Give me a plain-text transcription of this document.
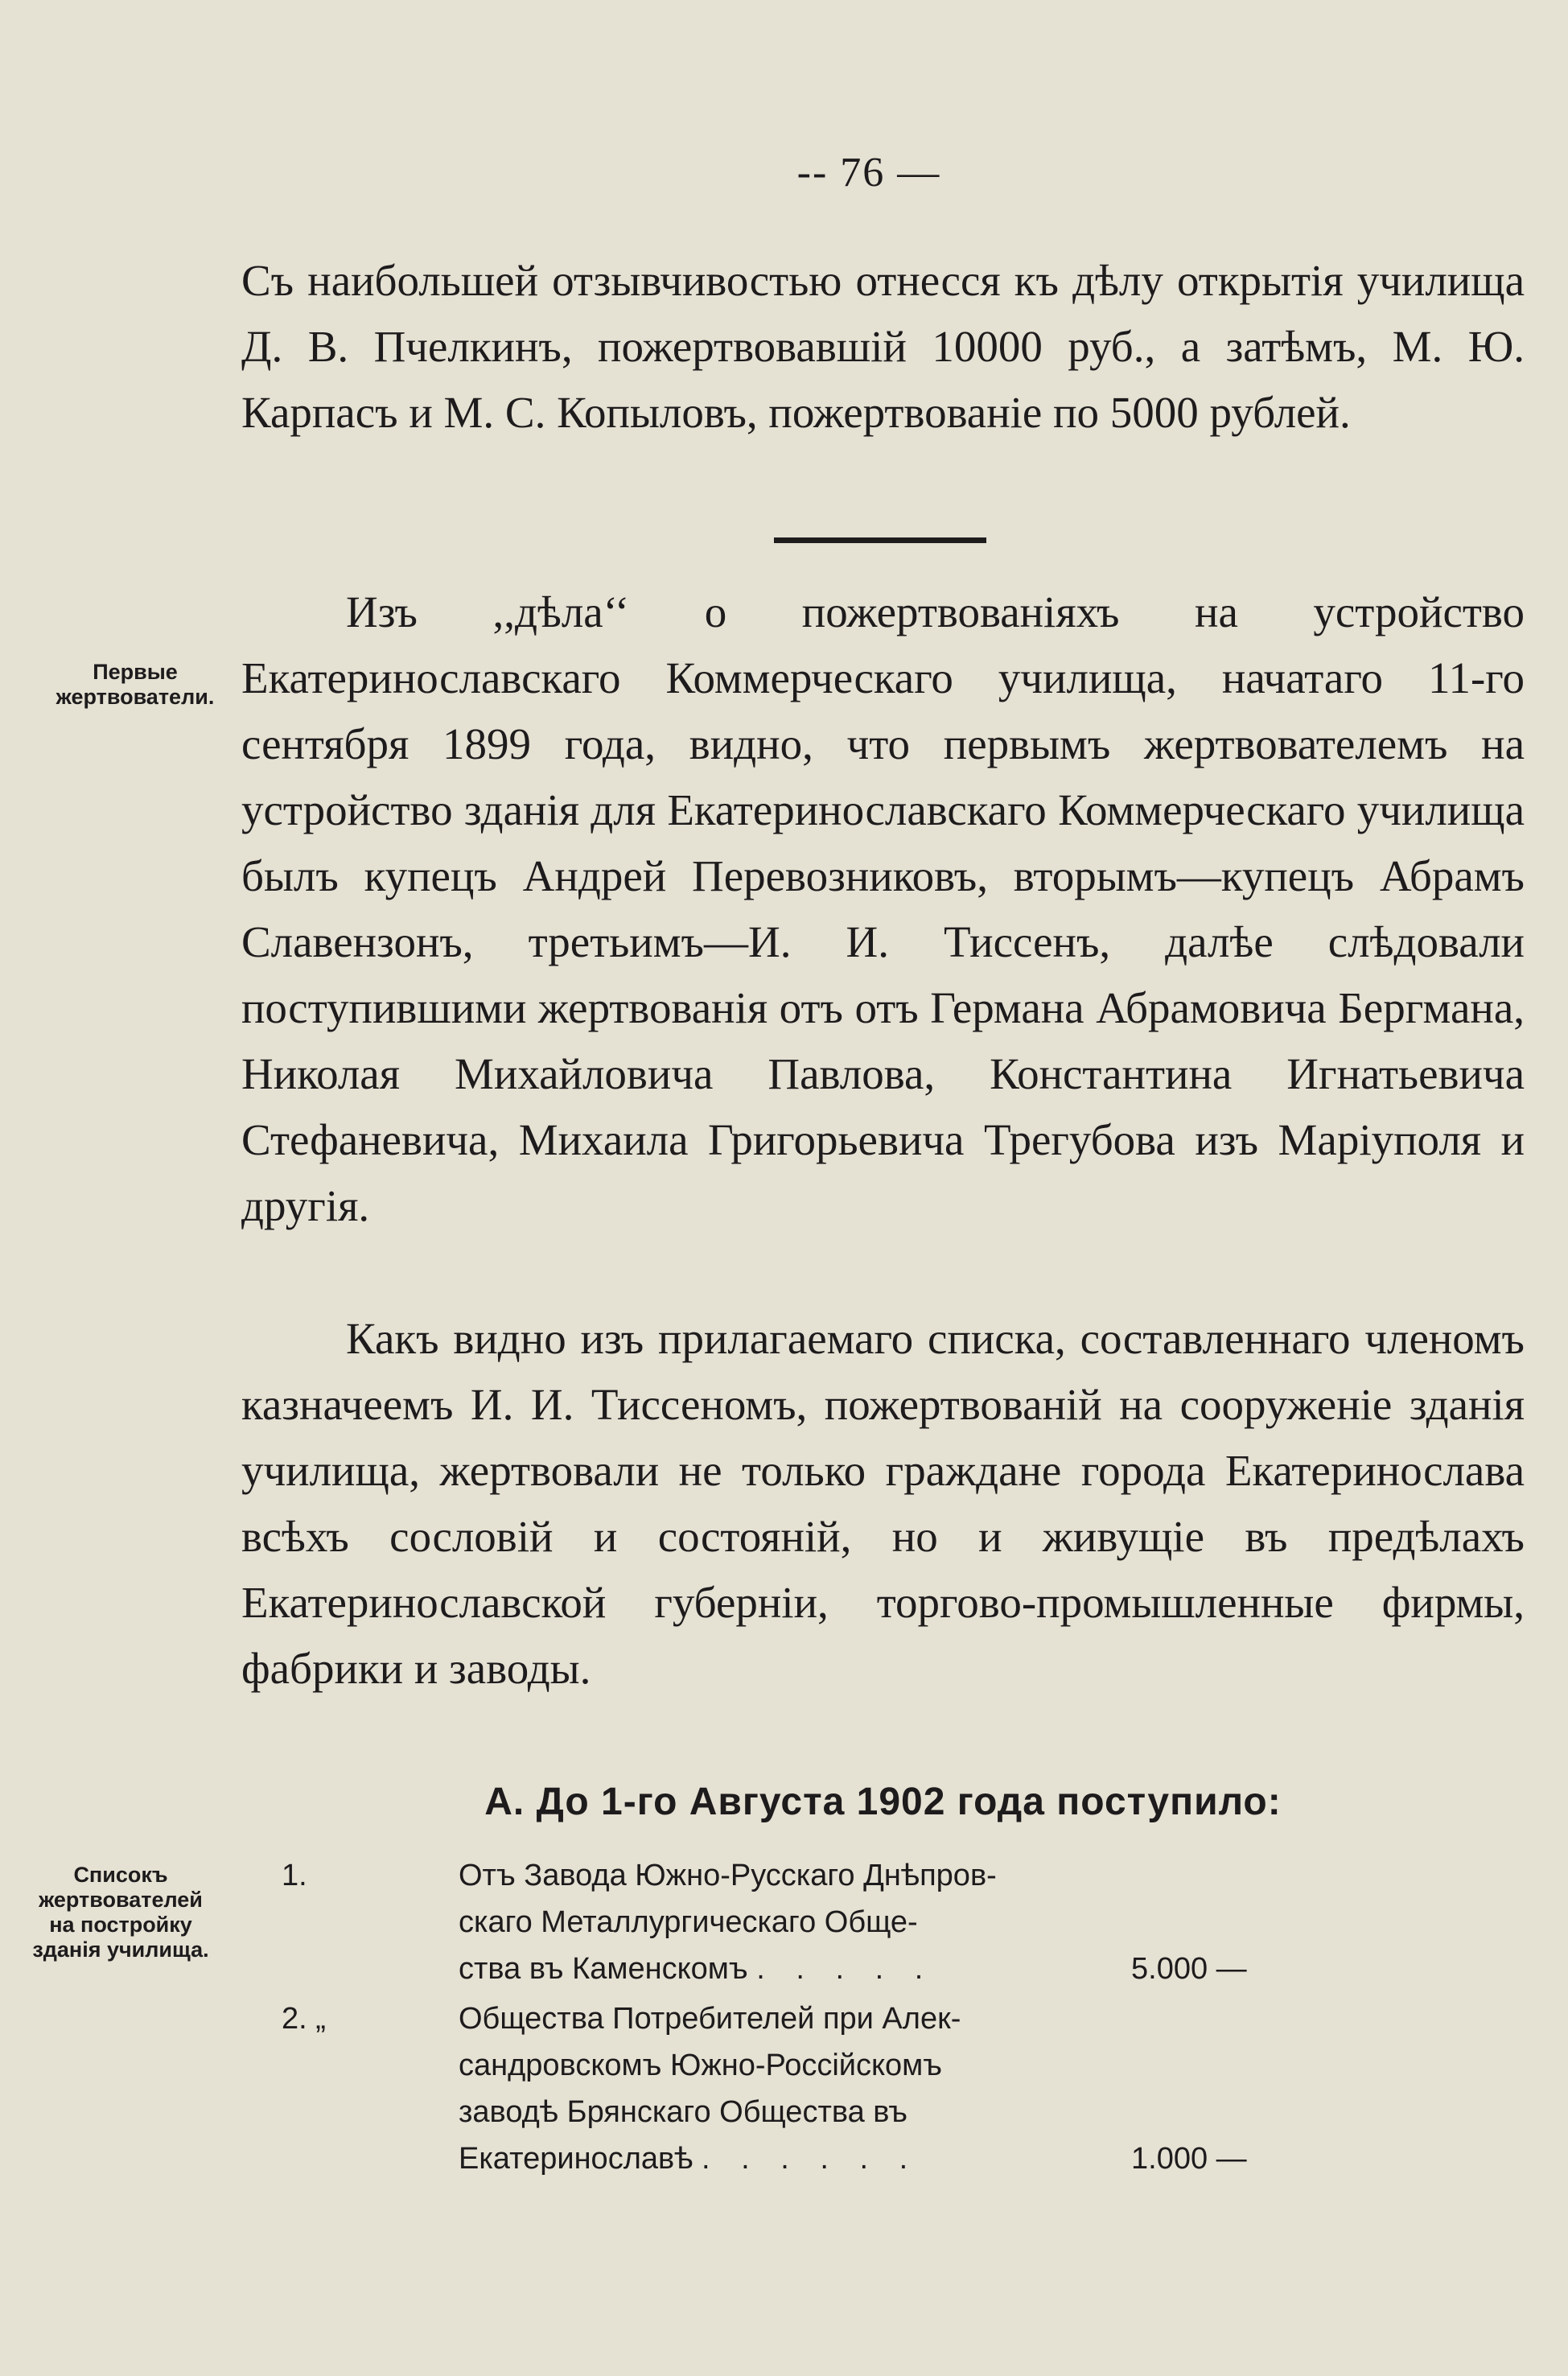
-- 76 —

Съ наибольшей отзывчивостью отнесся къ дѣлу открытія училища Д. В. Пчелкинъ, пожертвовавшій 10000 руб., а затѣмъ, М. Ю. Карпасъ и М. С. Копыловъ, пожертвованіе по 5000 рублей.

Изъ ,,дѣла‘‘ о пожертвованіяхъ на устройство Екатеринославскаго Коммерческаго училища, начатаго 11-го сентября 1899 года, видно, что первымъ жертвователемъ на устройство зданія для Екатеринославскаго Коммерческаго училища былъ купецъ Андрей Перевозниковъ, вторымъ—купецъ Абрамъ Славензонъ, третьимъ—И. И. Тиссенъ, далѣе слѣдовали поступившими жертвованія отъ отъ Германа Абрамовича Бергмана, Николая Михайловича Павлова, Константина Игнатьевича Стефаневича, Михаила Григорьевича Трегубова изъ Маріуполя и другія.

Первые жертвователи.

Какъ видно изъ прилагаемаго списка, составленнаго членомъ казначеемъ И. И. Тиссеномъ, пожертвованій на сооруженіе зданія училища, жертвовали не только граждане города Екатеринослава всѣхъ сословій и состояній, но и живущіе въ предѣлахъ Екатеринославской губерніи, торгово-промышленные фирмы, фабрики и заводы.

А. До 1-го Августа 1902 года поступило:
Списокъ жертвователей на постройку зданія училища.
1.	Отъ Завода Южно-Русскаго Днѣпров-
скаго Металлургическаго Обще-
ства въ Каменскомъ . . . . .	5.000 —
2. „	Общества Потребителей при Алек-
сандровскомъ Южно-Россійскомъ
заводѣ Брянскаго Общества въ
Екатеринославѣ . . . . . .	1.000 —
